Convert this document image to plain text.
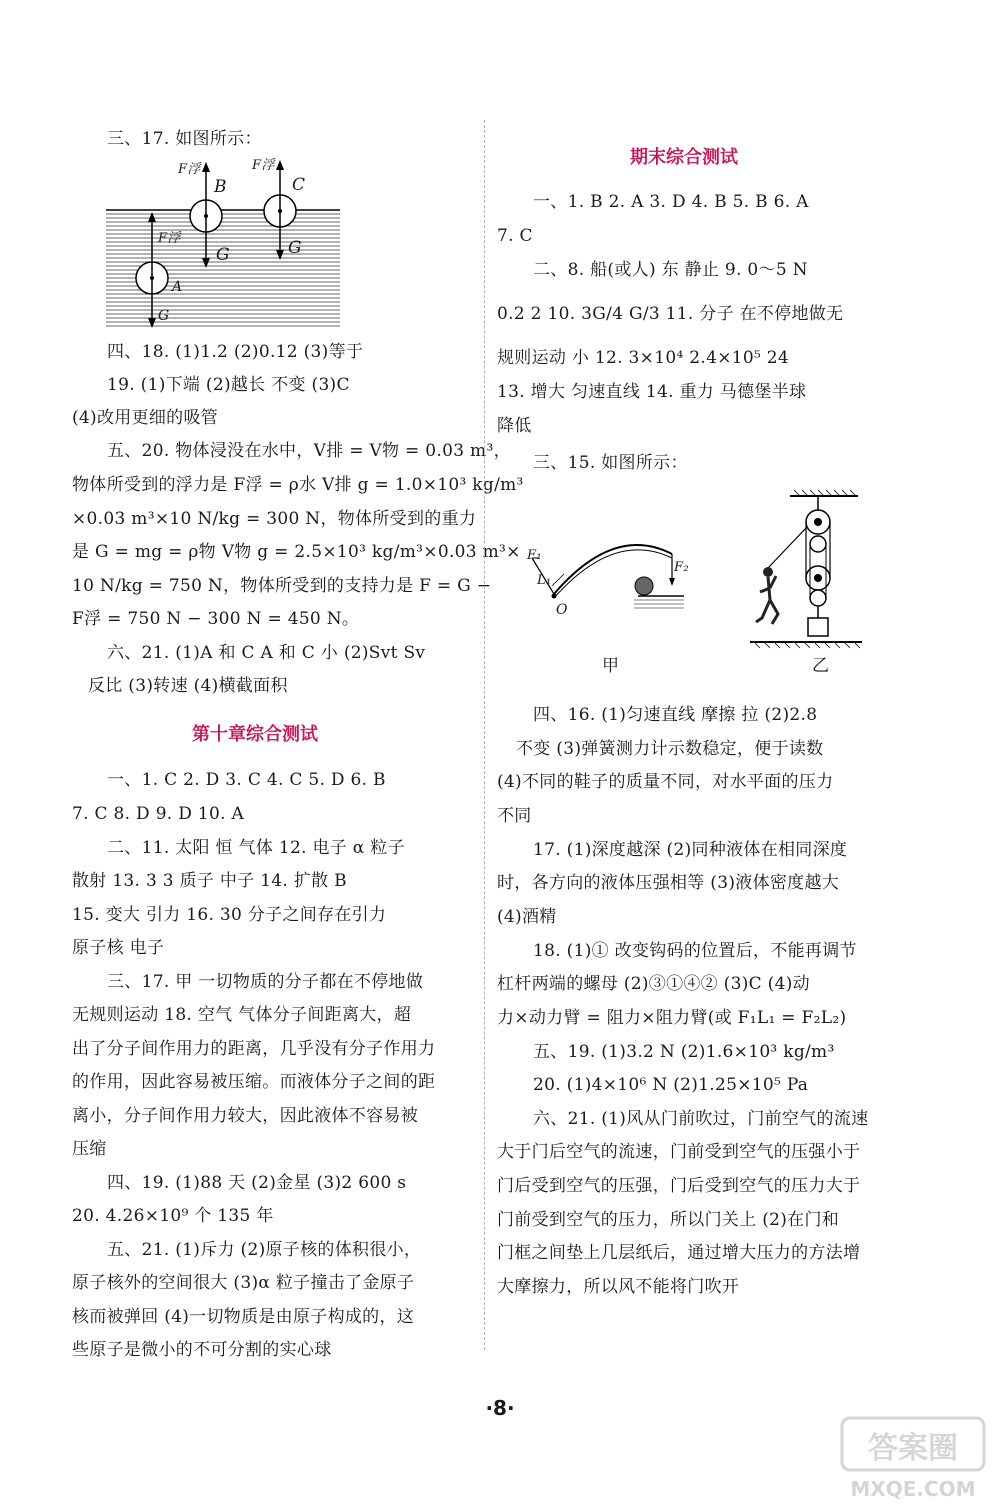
三、17. 如图所示：
F浮
B
F浮
C
G	G
F浮
A
G
四、18. (1)1.2 (2)0.12 (3)等于
19. (1)下端 (2)越长 不变 (3)C
(4)改用更细的吸管
五、20. 物体浸没在水中，V排 = V物 = 0.03 m³，
物体所受到的浮力是 F浮 = ρ水 V排 g = 1.0×10³ kg/m³
×0.03 m³×10 N/kg = 300 N，物体所受到的重力
是 G = mg = ρ物 V物 g = 2.5×10³ kg/m³×0.03 m³×
10 N/kg = 750 N，物体所受到的支持力是 F = G −
F浮 = 750 N − 300 N = 450 N。
六、21. (1)A 和 C A 和 C 小 (2)Svt Sv
反比 (3)转速 (4)横截面积
第十章综合测试
一、1. C 2. D 3. C 4. C 5. D 6. B
7. C 8. D 9. D 10. A
二、11. 太阳 恒 气体 12. 电子 α 粒子
散射 13. 3 3 质子 中子 14. 扩散 B
15. 变大 引力 16. 30 分子之间存在引力
原子核 电子
三、17. 甲 一切物质的分子都在不停地做
无规则运动 18. 空气 气体分子间距离大，超
出了分子间作用力的距离，几乎没有分子作用力
的作用，因此容易被压缩。而液体分子之间的距
离小，分子间作用力较大，因此液体不容易被
压缩
四、19. (1)88 天 (2)金星 (3)2 600 s
20. 4.26×10⁹ 个 135 年
五、21. (1)斥力 (2)原子核的体积很小，
原子核外的空间很大 (3)α 粒子撞击了金原子
核而被弹回 (4)一切物质是由原子构成的，这
些原子是微小的不可分割的实心球
期末综合测试
一、1. B 2. A 3. D 4. B 5. B 6. A
7. C
二、8. 船(或人) 东 静止 9. 0～5 N
0.2 2 10. 3G/4 G/3 11. 分子 在不停地做无
规则运动 小 12. 3×10⁴ 2.4×10⁵ 24
13. 增大 匀速直线 14. 重力 马德堡半球
降低
三、15. 如图所示：
F₁
L₁
F₂
O
甲	乙
四、16. (1)匀速直线 摩擦 拉 (2)2.8
不变 (3)弹簧测力计示数稳定，便于读数
(4)不同的鞋子的质量不同，对水平面的压力
不同
17. (1)深度越深 (2)同种液体在相同深度
时，各方向的液体压强相等 (3)液体密度越大
(4)酒精
18. (1)① 改变钩码的位置后，不能再调节
杠杆两端的螺母 (2)③①④② (3)C (4)动
力×动力臂 = 阻力×阻力臂(或 F₁L₁ = F₂L₂)
五、19. (1)3.2 N (2)1.6×10³ kg/m³
20. (1)4×10⁶ N (2)1.25×10⁵ Pa
六、21. (1)风从门前吹过，门前空气的流速
大于门后空气的流速，门前受到空气的压强小于
门后受到空气的压强，门后受到空气的压力大于
门前受到空气的压力，所以门关上 (2)在门和
门框之间垫上几层纸后，通过增大压力的方法增
大摩擦力，所以风不能将门吹开
·8·
答案圈
MXQE.COM
